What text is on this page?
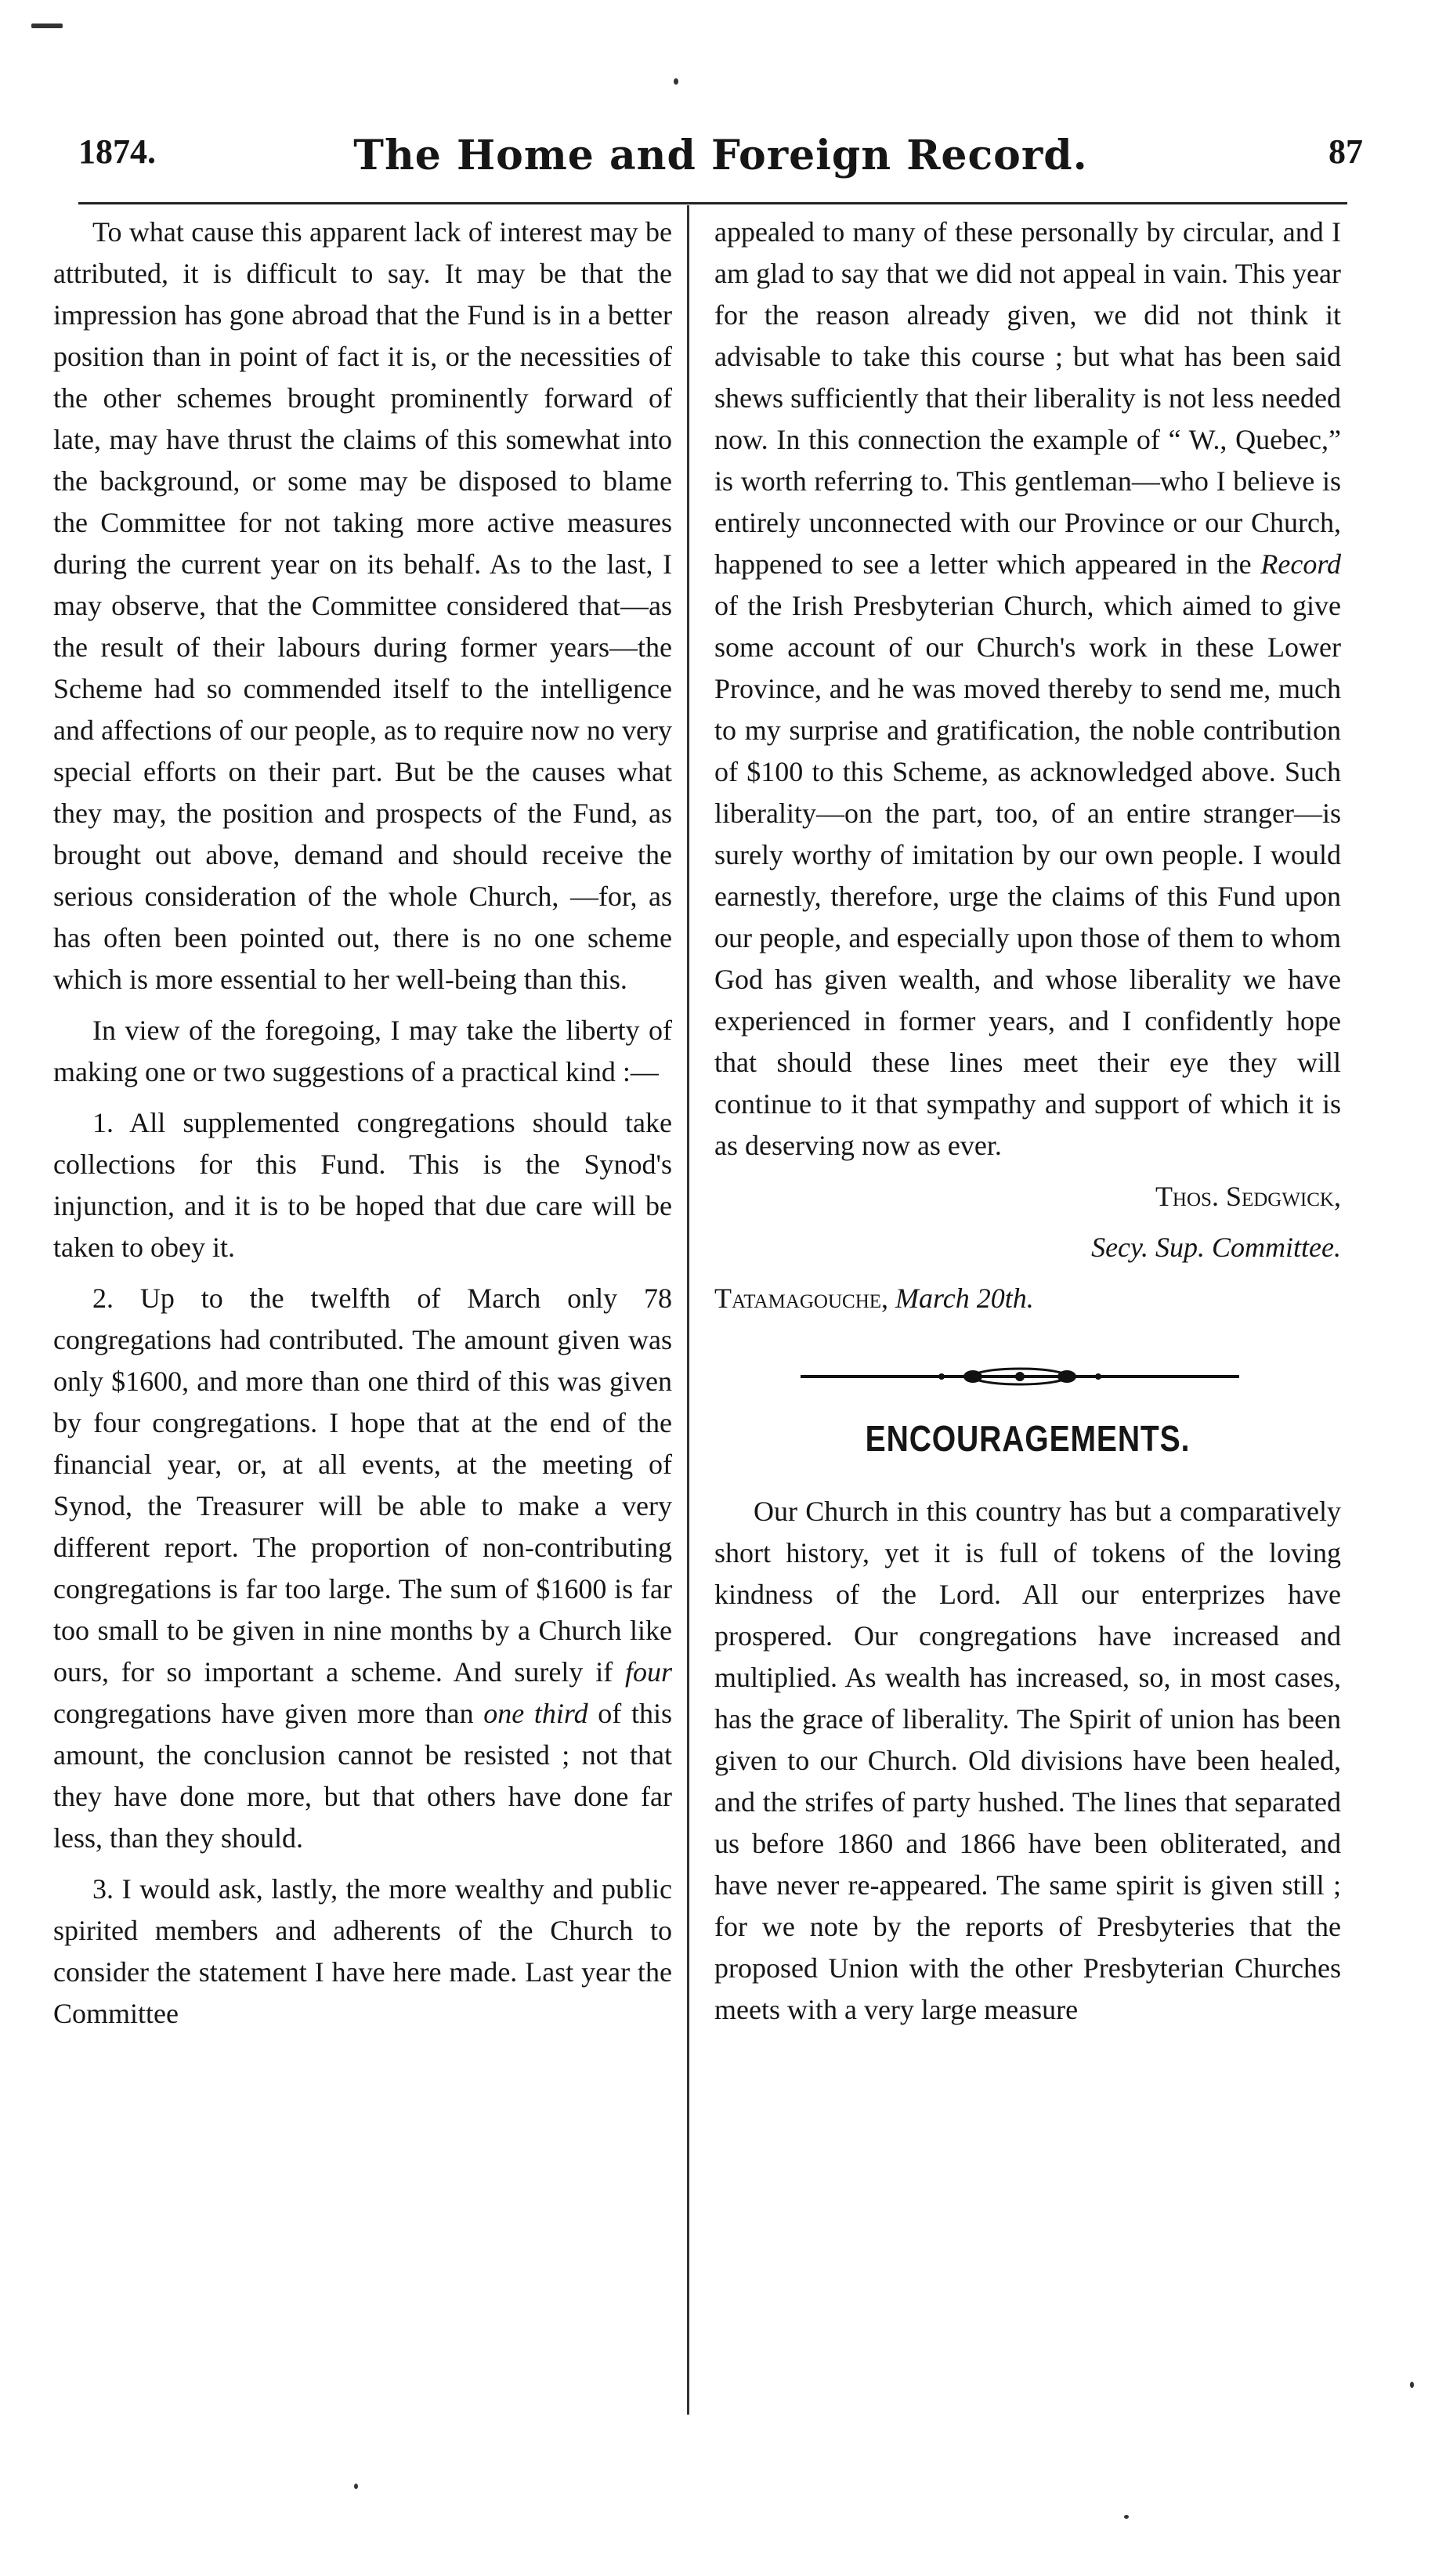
1874.	The Home and Foreign Record.	87

To what cause this apparent lack of interest may be attributed, it is difficult to say. It may be that the impression has gone abroad that the Fund is in a better position than in point of fact it is, or the necessities of the other schemes brought prominently forward of late, may have thrust the claims of this somewhat into the background, or some may be disposed to blame the Committee for not taking more active measures during the current year on its behalf. As to the last, I may observe, that the Committee considered that—as the result of their labours during former years—the Scheme had so commended itself to the intelligence and affections of our people, as to require now no very special efforts on their part. But be the causes what they may, the position and prospects of the Fund, as brought out above, demand and should receive the serious consideration of the whole Church, —for, as has often been pointed out, there is no one scheme which is more essential to her well-being than this.

In view of the foregoing, I may take the liberty of making one or two suggestions of a practical kind :—

1. All supplemented congregations should take collections for this Fund. This is the Synod's injunction, and it is to be hoped that due care will be taken to obey it.

2. Up to the twelfth of March only 78 congregations had contributed. The amount given was only $1600, and more than one third of this was given by four congregations. I hope that at the end of the financial year, or, at all events, at the meeting of Synod, the Treasurer will be able to make a very different report. The proportion of non-contributing congregations is far too large. The sum of $1600 is far too small to be given in nine months by a Church like ours, for so important a scheme. And surely if four congregations have given more than one third of this amount, the conclusion cannot be resisted ; not that they have done more, but that others have done far less, than they should.

3. I would ask, lastly, the more wealthy and public spirited members and adherents of the Church to consider the statement I have here made. Last year the Committee

appealed to many of these personally by circular, and I am glad to say that we did not appeal in vain. This year for the reason already given, we did not think it advisable to take this course ; but what has been said shews sufficiently that their liberality is not less needed now. In this connection the example of “ W., Quebec,” is worth referring to. This gentleman—who I believe is entirely unconnected with our Province or our Church, happened to see a letter which appeared in the Record of the Irish Presbyterian Church, which aimed to give some account of our Church's work in these Lower Province, and he was moved thereby to send me, much to my surprise and gratification, the noble contribution of $100 to this Scheme, as acknowledged above. Such liberality—on the part, too, of an entire stranger—is surely worthy of imitation by our own people. I would earnestly, therefore, urge the claims of this Fund upon our people, and especially upon those of them to whom God has given wealth, and whose liberality we have experienced in former years, and I confidently hope that should these lines meet their eye they will continue to it that sympathy and support of which it is as deserving now as ever.

Thos. Sedgwick,

Secy. Sup. Committee.

Tatamagouche, March 20th.

ENCOURAGEMENTS.

Our Church in this country has but a comparatively short history, yet it is full of tokens of the loving kindness of the Lord. All our enterprizes have prospered. Our congregations have increased and multiplied. As wealth has increased, so, in most cases, has the grace of liberality. The Spirit of union has been given to our Church. Old divisions have been healed, and the strifes of party hushed. The lines that separated us before 1860 and 1866 have been obliterated, and have never re-appeared. The same spirit is given still ; for we note by the reports of Presbyteries that the proposed Union with the other Presbyterian Churches meets with a very large measure
